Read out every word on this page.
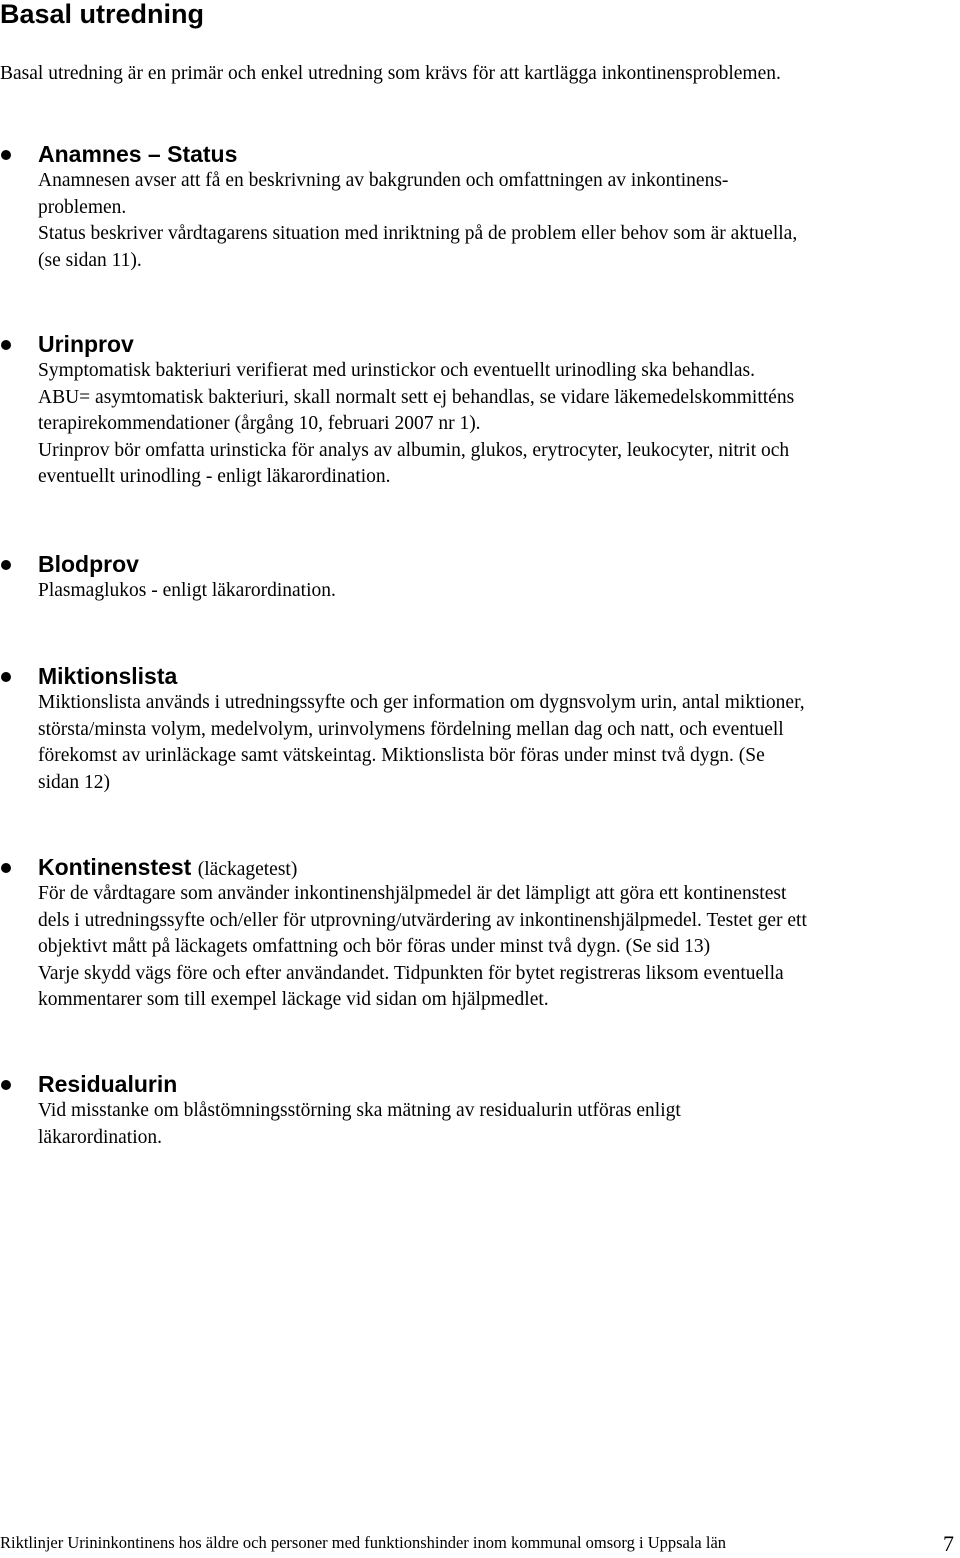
Basal utredning

Basal utredning är en primär och enkel utredning som krävs för att kartlägga inkontinensproblemen.

Anamnes – Status
Anamnesen avser att få en beskrivning av bakgrunden och omfattningen av inkontinens-
problemen.
Status beskriver vårdtagarens situation med inriktning på de problem eller behov som är aktuella,
(se sidan 11).
Urinprov
Symptomatisk bakteriuri verifierat med urinstickor och eventuellt urinodling ska behandlas.
ABU= asymtomatisk bakteriuri, skall normalt sett ej behandlas, se vidare läkemedelskommitténs
terapirekommendationer (årgång 10, februari 2007 nr 1).
Urinprov bör omfatta urinsticka för analys av albumin, glukos, erytrocyter, leukocyter, nitrit och
eventuellt urinodling - enligt läkarordination.
Blodprov
Plasmaglukos - enligt läkarordination.
Miktionslista
Miktionslista används i utredningssyfte och ger information om dygnsvolym urin, antal miktioner,
största/minsta volym, medelvolym, urinvolymens fördelning mellan dag och natt, och eventuell
förekomst av urinläckage samt vätskeintag. Miktionslista bör föras under minst två dygn. (Se
sidan 12)
Kontinenstest (läckagetest)
För de vårdtagare som använder inkontinenshjälpmedel är det lämpligt att göra ett kontinenstest
dels i utredningssyfte och/eller för utprovning/utvärdering av inkontinenshjälpmedel. Testet ger ett
objektivt mått på läckagets omfattning och bör föras under minst två dygn. (Se sid 13)
Varje skydd vägs före och efter användandet. Tidpunkten för bytet registreras liksom eventuella
kommentarer som till exempel läckage vid sidan om hjälpmedlet.
Residualurin
Vid misstanke om blåstömningsstörning ska mätning av residualurin utföras enligt
läkarordination.
Riktlinjer Urininkontinens hos äldre och personer med funktionshinder inom kommunal omsorg i Uppsala län	7
